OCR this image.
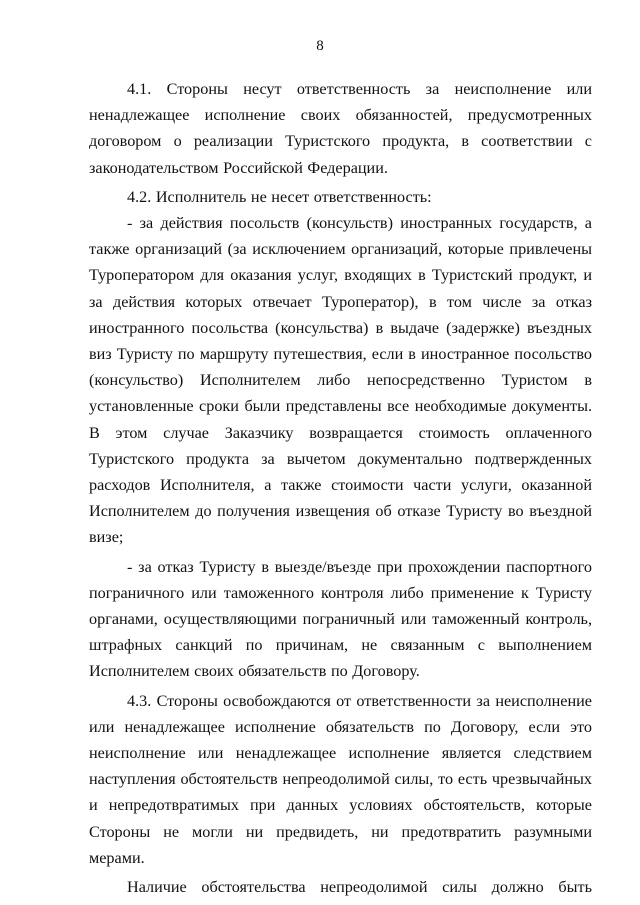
8

4.1. Стороны несут ответственность за неисполнение или ненадлежащее исполнение своих обязанностей, предусмотренных договором о реализации Туристского продукта, в соответствии с законодательством Российской Федерации.

4.2. Исполнитель не несет ответственность:

- за действия посольств (консульств) иностранных государств, а также организаций (за исключением организаций, которые привлечены Туроператором для оказания услуг, входящих в Туристский продукт, и за действия которых отвечает Туроператор), в том числе за отказ иностранного посольства (консульства) в выдаче (задержке) въездных виз Туристу по маршруту путешествия, если в иностранное посольство (консульство) Исполнителем либо непосредственно Туристом в установленные сроки были представлены все необходимые документы. В этом случае Заказчику возвращается стоимость оплаченного Туристского продукта за вычетом документально подтвержденных расходов Исполнителя, а также стоимости части услуги, оказанной Исполнителем до получения извещения об отказе Туристу во въездной визе;

- за отказ Туристу в выезде/въезде при прохождении паспортного пограничного или таможенного контроля либо применение к Туристу органами, осуществляющими пограничный или таможенный контроль, штрафных санкций по причинам, не связанным с выполнением Исполнителем своих обязательств по Договору.

4.3. Стороны освобождаются от ответственности за неисполнение или ненадлежащее исполнение обязательств по Договору, если это неисполнение или ненадлежащее исполнение является следствием наступления обстоятельств непреодолимой силы, то есть чрезвычайных и непредотвратимых при данных условиях обстоятельств, которые Стороны не могли ни предвидеть, ни предотвратить разумными мерами.

Наличие обстоятельства непреодолимой силы должно быть
